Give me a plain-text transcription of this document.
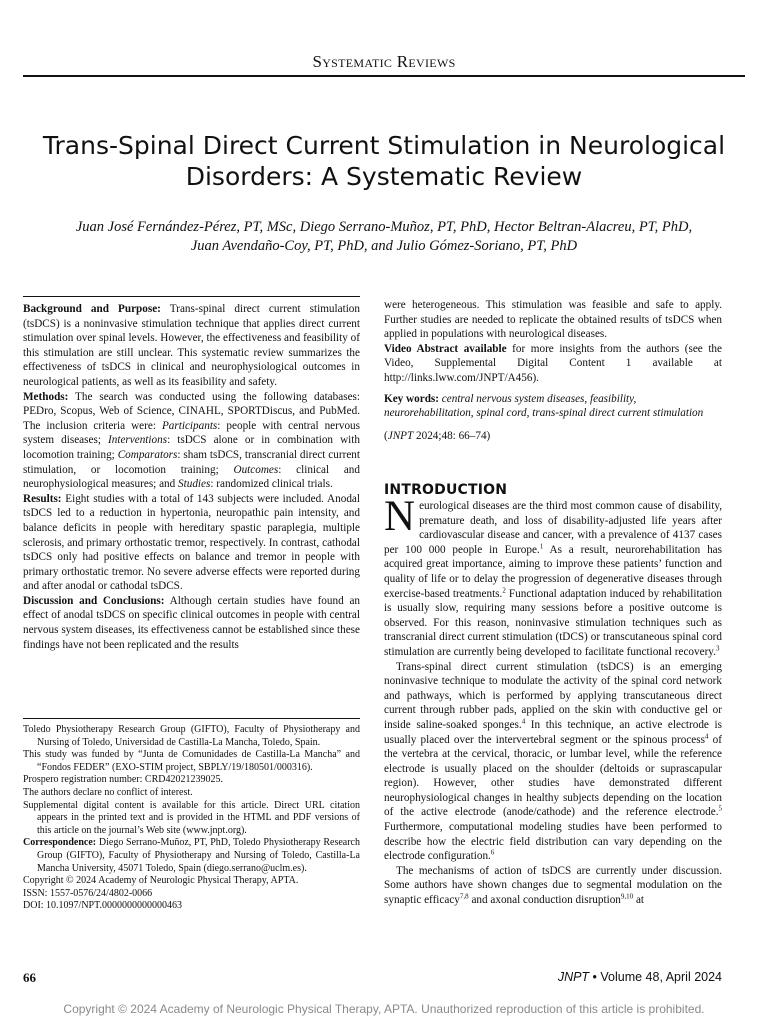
Systematic Reviews
Trans-Spinal Direct Current Stimulation in Neurological
Disorders: A Systematic Review
Juan José Fernández-Pérez, PT, MSc, Diego Serrano-Muñoz, PT, PhD, Hector Beltran-Alacreu, PT, PhD,
Juan Avendaño-Coy, PT, PhD, and Julio Gómez-Soriano, PT, PhD

Background and Purpose: Trans-spinal direct current stimulation (tsDCS) is a noninvasive stimulation technique that applies direct current stimulation over spinal levels. However, the effectiveness and feasibility of this stimulation are still unclear. This systematic review summarizes the effectiveness of tsDCS in clinical and neurophysiological outcomes in neurological patients, as well as its feasibility and safety.

Methods: The search was conducted using the following databases: PEDro, Scopus, Web of Science, CINAHL, SPORTDiscus, and PubMed. The inclusion criteria were: Participants: people with central nervous system diseases; Interventions: tsDCS alone or in combination with locomotion training; Comparators: sham tsDCS, transcranial direct current stimulation, or locomotion training; Outcomes: clinical and neurophysiological measures; and Studies: randomized clinical trials.

Results: Eight studies with a total of 143 subjects were included. Anodal tsDCS led to a reduction in hypertonia, neuropathic pain intensity, and balance deficits in people with hereditary spastic paraplegia, multiple sclerosis, and primary orthostatic tremor, respectively. In contrast, cathodal tsDCS only had positive effects on balance and tremor in people with primary orthostatic tremor. No severe adverse effects were reported during and after anodal or cathodal tsDCS.

Discussion and Conclusions: Although certain studies have found an effect of anodal tsDCS on specific clinical outcomes in people with central nervous system diseases, its effectiveness cannot be established since these findings have not been replicated and the results

Toledo Physiotherapy Research Group (GIFTO), Faculty of Physiotherapy and Nursing of Toledo, Universidad de Castilla-La Mancha, Toledo, Spain.

This study was funded by “Junta de Comunidades de Castilla-La Mancha” and “Fondos FEDER” (EXO-STIM project, SBPLY/19/180501/000316).

Prospero registration number: CRD42021239025.

The authors declare no conflict of interest.

Supplemental digital content is available for this article. Direct URL citation appears in the printed text and is provided in the HTML and PDF versions of this article on the journal’s Web site (www.jnpt.org).

Correspondence: Diego Serrano-Muñoz, PT, PhD, Toledo Physiotherapy Research Group (GIFTO), Faculty of Physiotherapy and Nursing of Toledo, Castilla-La Mancha University, 45071 Toledo, Spain (diego.serrano@uclm.es).

Copyright © 2024 Academy of Neurologic Physical Therapy, APTA.

ISSN: 1557-0576/24/4802-0066

DOI: 10.1097/NPT.0000000000000463

were heterogeneous. This stimulation was feasible and safe to apply. Further studies are needed to replicate the obtained results of tsDCS when applied in populations with neurological diseases.

Video Abstract available for more insights from the authors (see the Video, Supplemental Digital Content 1 available at http://links.lww.com/JNPT/A456).

Key words: central nervous system diseases, feasibility, neurorehabilitation, spinal cord, trans-spinal direct current stimulation

(JNPT 2024;48: 66–74)

INTRODUCTION

Neurological diseases are the third most common cause of disability, premature death, and loss of disability-adjusted life years after cardiovascular disease and cancer, with a prevalence of 4137 cases per 100 000 people in Europe.$^1$ As a result, neurorehabilitation has acquired great importance, aiming to improve these patients’ function and quality of life or to delay the progression of degenerative diseases through exercise-based treatments.$^2$ Functional adaptation induced by rehabilitation is usually slow, requiring many sessions before a positive outcome is observed. For this reason, noninvasive stimulation techniques such as transcranial direct current stimulation (tDCS) or transcutaneous spinal cord stimulation are currently being developed to facilitate functional recovery.$^3$

Trans-spinal direct current stimulation (tsDCS) is an emerging noninvasive technique to modulate the activity of the spinal cord network and pathways, which is performed by applying transcutaneous direct current through rubber pads, applied on the skin with conductive gel or inside saline-soaked sponges.$^4$ In this technique, an active electrode is usually placed over the intervertebral segment or the spinous process$^4$ of the vertebra at the cervical, thoracic, or lumbar level, while the reference electrode is usually placed on the shoulder (deltoids or suprascapular region). However, other studies have demonstrated different neurophysiological changes in healthy subjects depending on the location of the active electrode (anode/cathode) and the reference electrode.$^5$ Furthermore, computational modeling studies have been performed to describe how the electric field distribution can vary depending on the electrode configuration.$^6$

The mechanisms of action of tsDCS are currently under discussion. Some authors have shown changes due to segmental modulation on the synaptic efficacy$^{7,8}$ and axonal conduction disruption$^{9,10}$ at

66	JNPT • Volume 48, April 2024
Copyright © 2024 Academy of Neurologic Physical Therapy, APTA. Unauthorized reproduction of this article is prohibited.
